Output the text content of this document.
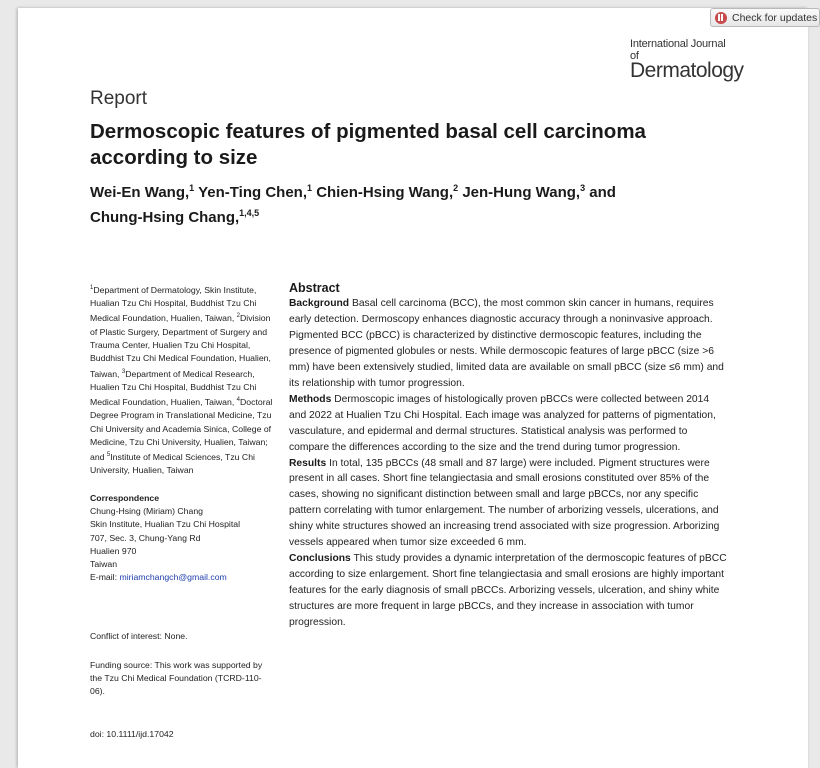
Check for updates
International Journal of
Dermatology
Report
Dermoscopic features of pigmented basal cell carcinoma according to size
Wei-En Wang,$^1$ Yen-Ting Chen,$^1$ Chien-Hsing Wang,$^2$ Jen-Hung Wang,$^3$ and Chung-Hsing Chang,$^{1,4,5}$

$^1$Department of Dermatology, Skin Institute, Hualian Tzu Chi Hospital, Buddhist Tzu Chi Medical Foundation, Hualien, Taiwan, $^2$Division of Plastic Surgery, Department of Surgery and Trauma Center, Hualien Tzu Chi Hospital, Buddhist Tzu Chi Medical Foundation, Hualien, Taiwan, $^3$Department of Medical Research, Hualien Tzu Chi Hospital, Buddhist Tzu Chi Medical Foundation, Hualien, Taiwan, $^4$Doctoral Degree Program in Translational Medicine, Tzu Chi University and Academia Sinica, College of Medicine, Tzu Chi University, Hualien, Taiwan; and $^5$Institute of Medical Sciences, Tzu Chi University, Hualien, Taiwan

Correspondence

Chung-Hsing (Miriam) Chang

Skin Institute, Hualian Tzu Chi Hospital

707, Sec. 3, Chung-Yang Rd

Hualien 970

Taiwan

E-mail: miriamchangch@gmail.com

Conflict of interest: None.
Funding source: This work was supported by the Tzu Chi Medical Foundation (TCRD-110-06).
doi: 10.1111/ijd.17042
Abstract

Background Basal cell carcinoma (BCC), the most common skin cancer in humans, requires early detection. Dermoscopy enhances diagnostic accuracy through a noninvasive approach. Pigmented BCC (pBCC) is characterized by distinctive dermoscopic features, including the presence of pigmented globules or nests. While dermoscopic features of large pBCC (size >6 mm) have been extensively studied, limited data are available on small pBCC (size ≤6 mm) and its relationship with tumor progression.

Methods Dermoscopic images of histologically proven pBCCs were collected between 2014 and 2022 at Hualien Tzu Chi Hospital. Each image was analyzed for patterns of pigmentation, vasculature, and epidermal and dermal structures. Statistical analysis was performed to compare the differences according to the size and the trend during tumor progression.

Results In total, 135 pBCCs (48 small and 87 large) were included. Pigment structures were present in all cases. Short fine telangiectasia and small erosions constituted over 85% of the cases, showing no significant distinction between small and large pBCCs, nor any specific pattern correlating with tumor enlargement. The number of arborizing vessels, ulcerations, and shiny white structures showed an increasing trend associated with size progression. Arborizing vessels appeared when tumor size exceeded 6 mm.

Conclusions This study provides a dynamic interpretation of the dermoscopic features of pBCC according to size enlargement. Short fine telangiectasia and small erosions are highly important features for the early diagnosis of small pBCCs. Arborizing vessels, ulceration, and shiny white structures are more frequent in large pBCCs, and they increase in association with tumor progression.
